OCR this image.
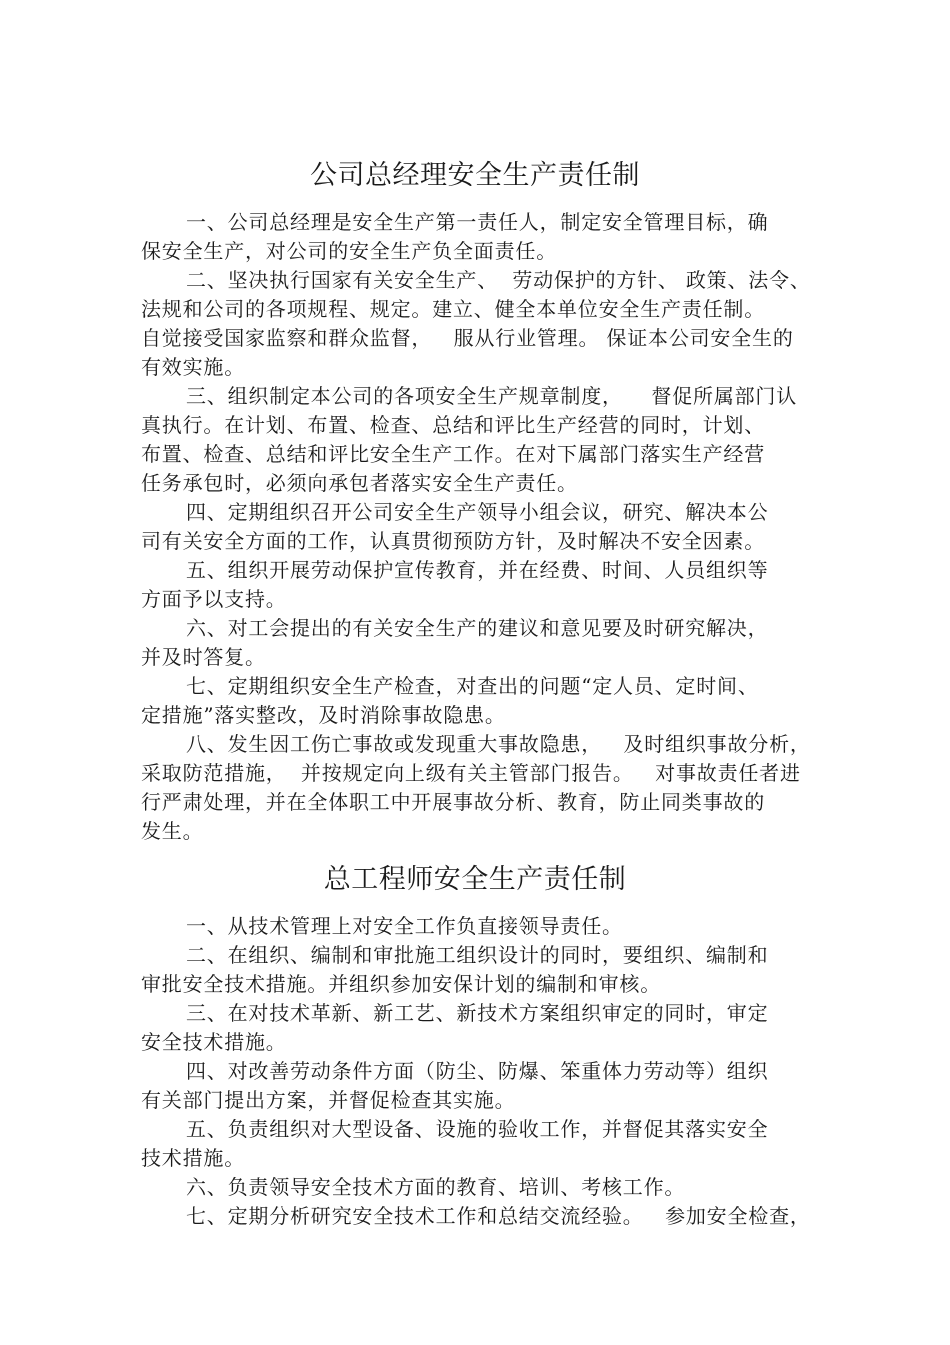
公司总经理安全生产责任制
一、公司总经理是安全生产第一责任人，制定安全管理目标，确
保安全生产，对公司的安全生产负全面责任。
二、坚决执行国家有关安全生产、  劳动保护的方针、 政策、法令、
法规和公司的各项规程、规定。建立、健全本单位安全生产责任制。
自觉接受国家监察和群众监督，   服从行业管理。 保证本公司安全生的
有效实施。
三、组织制定本公司的各项安全生产规章制度，    督促所属部门认
真执行。在计划、布置、检查、总结和评比生产经营的同时，计划、
布置、检查、总结和评比安全生产工作。在对下属部门落实生产经营
任务承包时，必须向承包者落实安全生产责任。
四、定期组织召开公司安全生产领导小组会议，研究、解决本公
司有关安全方面的工作，认真贯彻预防方针，及时解决不安全因素。
五、组织开展劳动保护宣传教育，并在经费、时间、人员组织等
方面予以支持。
六、对工会提出的有关安全生产的建议和意见要及时研究解决，
并及时答复。
七、定期组织安全生产检查，对查出的问题“定人员、定时间、
定措施”落实整改，及时消除事故隐患。
八、发生因工伤亡事故或发现重大事故隐患，   及时组织事故分析，
采取防范措施，  并按规定向上级有关主管部门报告。   对事故责任者进
行严肃处理，并在全体职工中开展事故分析、教育，防止同类事故的
发生。
总工程师安全生产责任制
一、从技术管理上对安全工作负直接领导责任。
二、在组织、编制和审批施工组织设计的同时，要组织、编制和
审批安全技术措施。并组织参加安保计划的编制和审核。
三、在对技术革新、新工艺、新技术方案组织审定的同时，审定
安全技术措施。
四、对改善劳动条件方面（防尘、防爆、笨重体力劳动等）组织
有关部门提出方案，并督促检查其实施。
五、负责组织对大型设备、设施的验收工作，并督促其落实安全
技术措施。
六、负责领导安全技术方面的教育、培训、考核工作。
七、定期分析研究安全技术工作和总结交流经验。   参加安全检查，
